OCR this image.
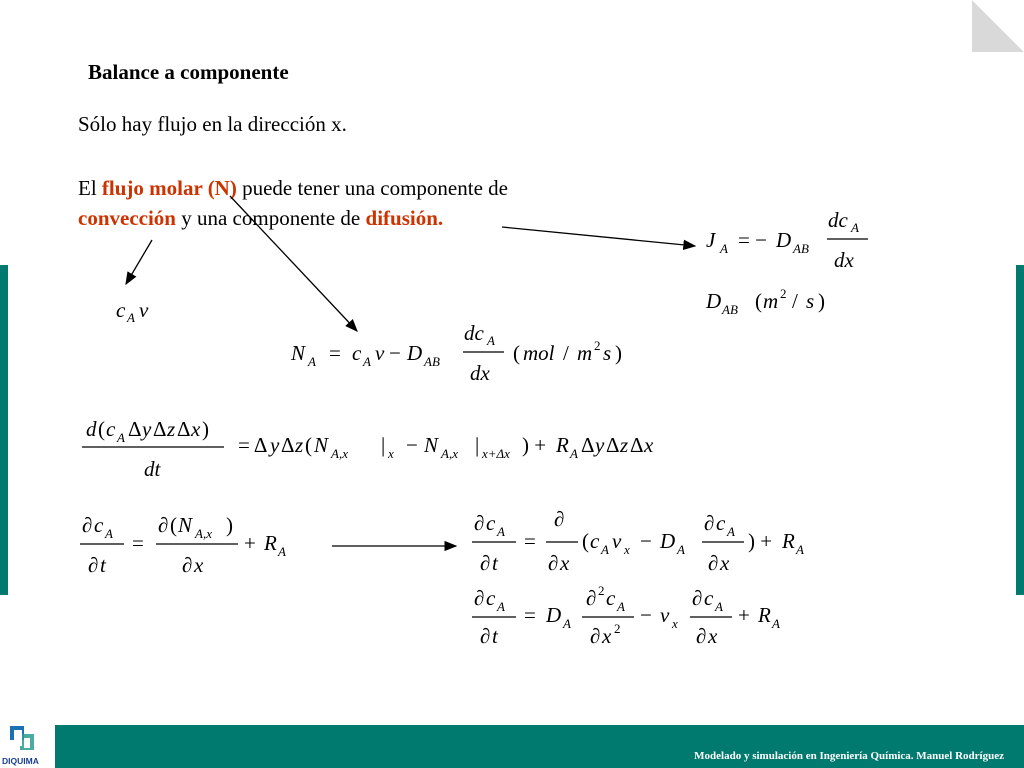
Balance a componente
Sólo hay flujo en la dirección x.
El flujo molar (N) puede tener una componente de
convección y una componente de difusión.
c A v
J A = − D AB
dc A
dx
D AB ( m 2 / s )
N A = c A v − D AB
dc A
dx
( mol / m 2 s )
d ( c A Δ y Δ z Δ x )
dt
= Δ y Δ z ( N A,x | x − N A,x | x+Δx ) + R A Δ y Δ z Δ x
∂ c A
∂ t
=
∂ ( N A,x )
∂ x
+ R A
∂ c A
∂ t
=
∂
∂ x
( c A v x − D A
∂ c A
∂ x
) + R A
∂ c A
∂ t
= D A
∂ 2 c A
∂ x 2
− v x
∂ c A
∂ x
+ R A
Modelado y simulación en Ingeniería Química. Manuel Rodríguez
DIQUIMA
